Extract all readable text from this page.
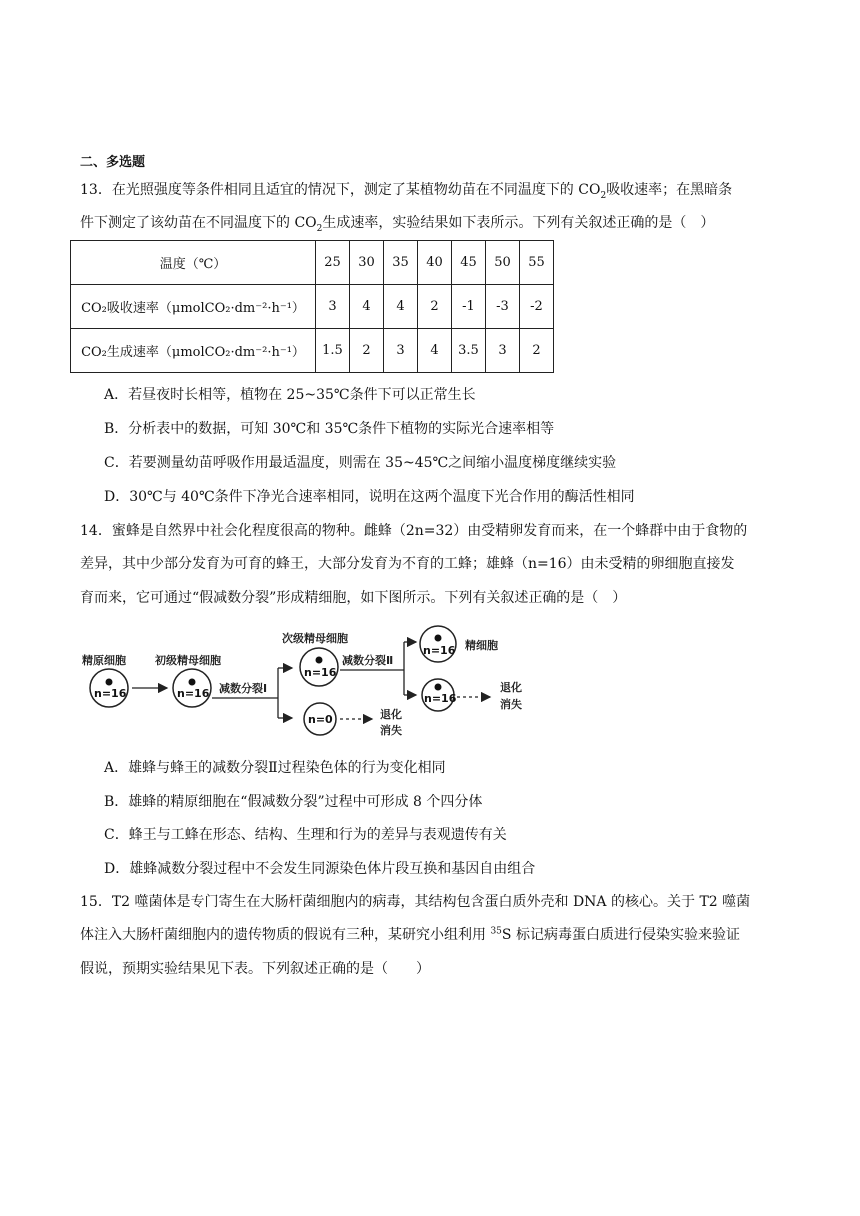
二、多选题
13．在光照强度等条件相同且适宜的情况下，测定了某植物幼苗在不同温度下的 $CO_2$吸收速率；在黑暗条
件下测定了该幼苗在不同温度下的 $CO_2$生成速率，实验结果如下表所示。下列有关叙述正确的是（　）
温度（℃）	25	30	35	40	45	50	55
CO₂吸收速率（μmolCO₂·dm⁻²·h⁻¹）	3	4	4	2	-1	-3	-2
CO₂生成速率（μmolCO₂·dm⁻²·h⁻¹）	1.5	2	3	4	3.5	3	2
A．若昼夜时长相等，植物在 25~35℃条件下可以正常生长
B．分析表中的数据，可知 30℃和 35℃条件下植物的实际光合速率相等
C．若要测量幼苗呼吸作用最适温度，则需在 35~45℃之间缩小温度梯度继续实验
D．30℃与 40℃条件下净光合速率相同，说明在这两个温度下光合作用的酶活性相同
14．蜜蜂是自然界中社会化程度很高的物种。雌蜂（2n=32）由受精卵发育而来，在一个蜂群中由于食物的
差异，其中少部分发育为可育的蜂王，大部分发育为不育的工蜂；雄蜂（n=16）由未受精的卵细胞直接发
育而来，它可通过“假减数分裂”形成精细胞，如下图所示。下列有关叙述正确的是（　）
精原细胞
n=16
初级精母细胞
n=16 减数分裂Ⅰ
次级精母细胞
n=16
n=0	退化
消失
减数分裂Ⅱ
n=16 精细胞
n=16
退化
消失
A．雄蜂与蜂王的减数分裂Ⅱ过程染色体的行为变化相同
B．雄蜂的精原细胞在“假减数分裂”过程中可形成 8 个四分体
C．蜂王与工蜂在形态、结构、生理和行为的差异与表观遗传有关
D．雄蜂减数分裂过程中不会发生同源染色体片段互换和基因自由组合
15．T2 噬菌体是专门寄生在大肠杆菌细胞内的病毒，其结构包含蛋白质外壳和 DNA 的核心。关于 T2 噬菌
体注入大肠杆菌细胞内的遗传物质的假说有三种，某研究小组利用 $^{35}$S 标记病毒蛋白质进行侵染实验来验证
假说，预期实验结果见下表。下列叙述正确的是（　　）
